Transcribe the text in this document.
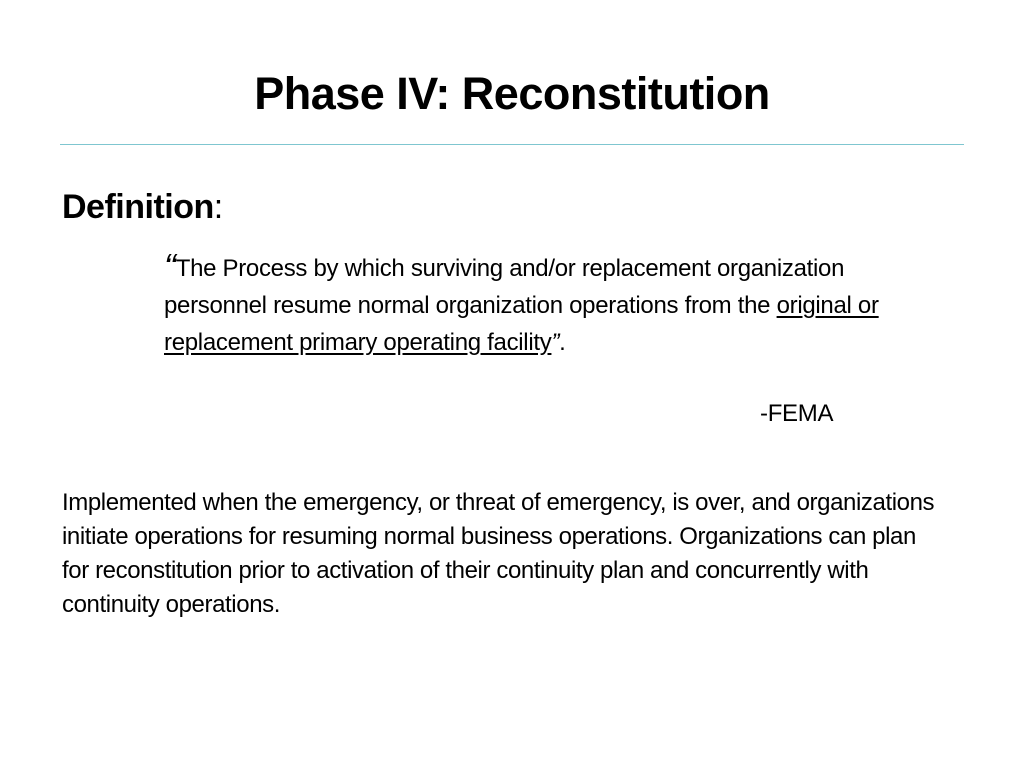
Phase IV: Reconstitution
Definition:
“The Process by which surviving and/or replacement organization personnel resume normal organization operations from the original or replacement primary operating facility”.
-FEMA
Implemented when the emergency, or threat of emergency, is over, and organizations initiate operations for resuming normal business operations. Organizations can plan for reconstitution prior to activation of their continuity plan and concurrently with continuity operations.
